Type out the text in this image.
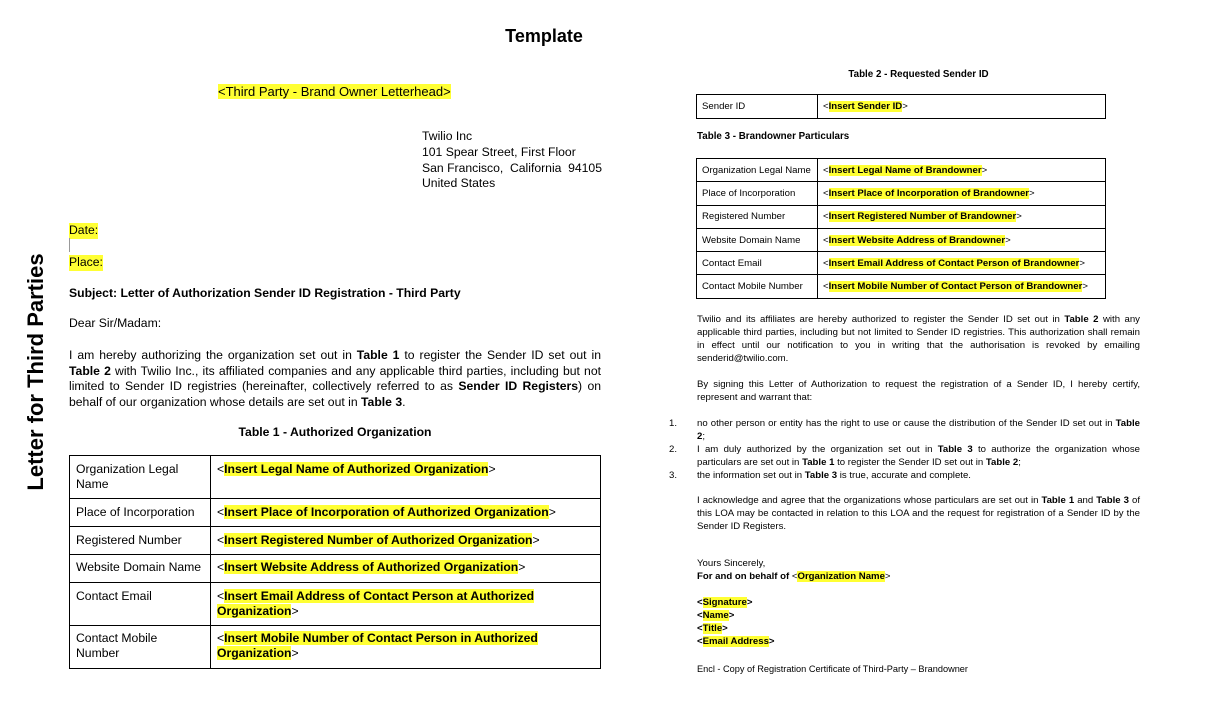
Template
Letter for Third Parties
<Third Party - Brand Owner Letterhead>
Twilio Inc
101 Spear Street, First Floor
San Francisco, California 94105
United States
Date:
Place:
Subject: Letter of Authorization Sender ID Registration - Third Party
Dear Sir/Madam:
I am hereby authorizing the organization set out in Table 1 to register the Sender ID set out in Table 2 with Twilio Inc., its affiliated companies and any applicable third parties, including but not limited to Sender ID registries (hereinafter, collectively referred to as Sender ID Registers) on behalf of our organization whose details are set out in Table 3.
Table 1 - Authorized Organization
Organization Legal Name	<Insert Legal Name of Authorized Organization>
Place of Incorporation	<Insert Place of Incorporation of Authorized Organization>
Registered Number	<Insert Registered Number of Authorized Organization>
Website Domain Name	<Insert Website Address of Authorized Organization>
Contact Email	<Insert Email Address of Contact Person at Authorized
Organization>
Contact Mobile Number	<Insert Mobile Number of Contact Person in Authorized
Organization>
Table 2 - Requested Sender ID
Sender ID	<Insert Sender ID>
Table 3 - Brandowner Particulars
Organization Legal Name	<Insert Legal Name of Brandowner>
Place of Incorporation	<Insert Place of Incorporation of Brandowner>
Registered Number	<Insert Registered Number of Brandowner>
Website Domain Name	<Insert Website Address of Brandowner>
Contact Email	<Insert Email Address of Contact Person of Brandowner>
Contact Mobile Number	<Insert Mobile Number of Contact Person of Brandowner>
Twilio and its affiliates are hereby authorized to register the Sender ID set out in Table 2 with any applicable third parties, including but not limited to Sender ID registries. This authorization shall remain in effect until our notification to you in writing that the authorisation is revoked by emailing senderid@twilio.com.
By signing this Letter of Authorization to request the registration of a Sender ID, I hereby certify, represent and warrant that:
1.	no other person or entity has the right to use or cause the distribution of the Sender ID set out in Table 2;
2.	I am duly authorized by the organization set out in Table 3 to authorize the organization whose particulars are set out in Table 1 to register the Sender ID set out in Table 2;
3.	the information set out in Table 3 is true, accurate and complete.
I acknowledge and agree that the organizations whose particulars are set out in Table 1 and Table 3 of this LOA may be contacted in relation to this LOA and the request for registration of a Sender ID by the Sender ID Registers.
Yours Sincerely,
For and on behalf of <Organization Name>
<Signature>
<Name>
<Title>
<Email Address>
Encl - Copy of Registration Certificate of Third-Party – Brandowner
